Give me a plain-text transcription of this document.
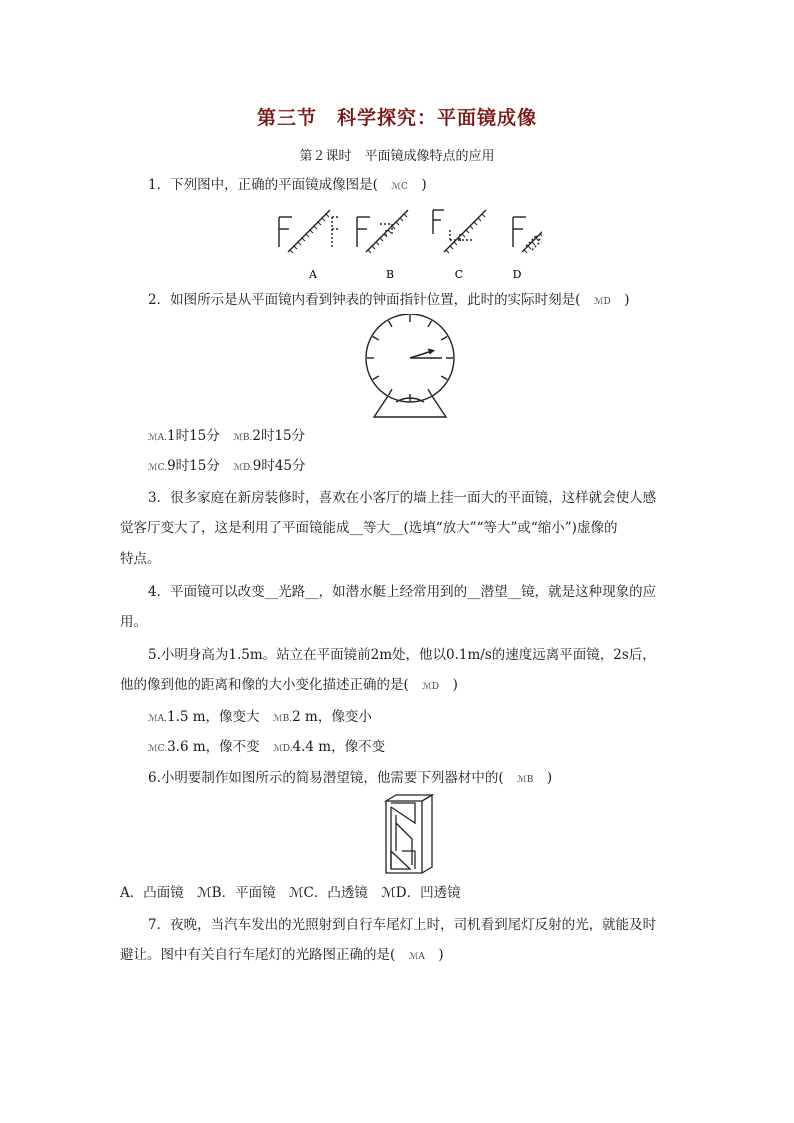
第三节　科学探究：平面镜成像
第２课时　平面镜成像特点的应用
1．下列图中，正确的平面镜成像图是(　ℳC　)
A	B	C	D
2．如图所示是从平面镜内看到钟表的钟面指针位置，此时的实际时刻是(　ℳD　)
ℳA.1时15分　 ℳB.2时15分
ℳC.9时15分　 ℳD.9时45分
3．很多家庭在新房装修时，喜欢在小客厅的墙上挂一面大的平面镜，这样就会使人感
觉客厅变大了，这是利用了平面镜能成__等大__(选填“放大”“等大”或“缩小”)虚像的
特点。
4．平面镜可以改变__光路__，如潜水艇上经常用到的__潜望__镜，就是这种现象的应
用。
5.小明身高为1.5m。站立在平面镜前2m处，他以0.1m/s的速度远离平面镜，2s后，
他的像到他的距离和像的大小变化描述正确的是(　ℳD　)
ℳA.1.5 m，像变大　 ℳB.2 m，像变小
ℳC.3.6 m，像不变　 ℳD.4.4 m，像不变
6.小明要制作如图所示的简易潜望镜，他需要下列器材中的(　ℳB　)
A．凸面镜　ℳB．平面镜　ℳC．凸透镜　ℳD．凹透镜
7．夜晚，当汽车发出的光照射到自行车尾灯上时，司机看到尾灯反射的光，就能及时
避让。图中有关自行车尾灯的光路图正确的是(　ℳA　)
